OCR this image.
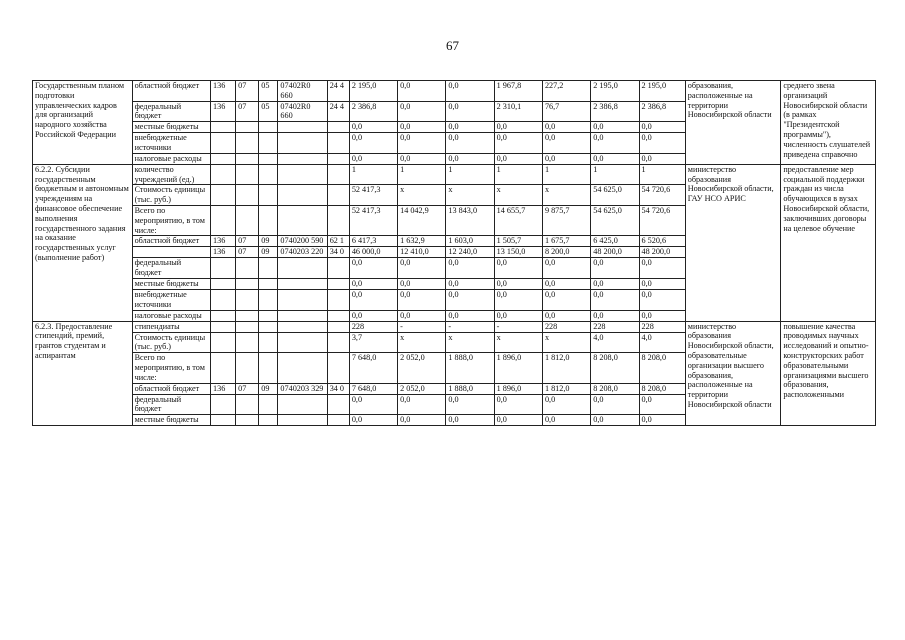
67
Государственным планом подготовки управленческих кадров для организаций народного хозяйства Российской Федерации	областной бюджет	136	07	05	07402R0 660	24 4	2 195,0	0,0	0,0	1 967,8	227,2	2 195,0	2 195,0	образования, расположенные на территории Новосибирской области	среднего звена организаций Новосибирской области (в рамках "Президентской программы"), численность слушателей приведена справочно
	федеральный бюджет	136	07	05	07402R0 660	24 4	2 386,8	0,0	0,0	2 310,1	76,7	2 386,8	2 386,8		
	местные бюджеты						0,0	0,0	0,0	0,0	0,0	0,0	0,0		
	внебюджетные источники						0,0	0,0	0,0	0,0	0,0	0,0	0,0		
	налоговые расходы						0,0	0,0	0,0	0,0	0,0	0,0	0,0		
6.2.2. Субсидии государственным бюджетным и автономным учреждениям на финансовое обеспечение выполнения государственного задания на оказание государственных услуг (выполнение работ)	количество учреждений (ед.)						1	1	1	1	1	1	1	министерство образования Новосибирской области, ГАУ НСО АРИС	предоставление мер социальной поддержки граждан из числа обучающихся в вузах Новосибирской области, заключивших договоры на целевое обучение
	Стоимость единицы (тыс. руб.)						52 417,3	х	х	х	х	54 625,0	54 720,6		
	Всего по мероприятию, в том числе:						52 417,3	14 042,9	13 843,0	14 655,7	9 875,7	54 625,0	54 720,6		
	областной бюджет	136	07	09	0740200 590	62 1	6 417,3	1 632,9	1 603,0	1 505,7	1 675,7	6 425,0	6 520,6		
		136	07	09	0740203 220	34 0	46 000,0	12 410,0	12 240,0	13 150,0	8 200,0	48 200,0	48 200,0		
	федеральный бюджет						0,0	0,0	0,0	0,0	0,0	0,0	0,0		
	местные бюджеты						0,0	0,0	0,0	0,0	0,0	0,0	0,0		
	внебюджетные источники						0,0	0,0	0,0	0,0	0,0	0,0	0,0		
	налоговые расходы						0,0	0,0	0,0	0,0	0,0	0,0	0,0		
6.2.3. Предоставление стипендий, премий, грантов студентам и аспирантам	стипендиаты						228	-	-	-	228	228	228	министерство образования Новосибирской области, образовательные организации высшего образования, расположенные на территории Новосибирской области	повышение качества проводимых научных исследований и опытно-конструкторских работ образовательными организациями высшего образования, расположенными
	Стоимость единицы (тыс. руб.)						3,7	х	х	х	х	4,0	4,0		
	Всего по мероприятию, в том числе:						7 648,0	2 052,0	1 888,0	1 896,0	1 812,0	8 208,0	8 208,0		
	областной бюджет	136	07	09	0740203 329	34 0	7 648,0	2 052,0	1 888,0	1 896,0	1 812,0	8 208,0	8 208,0		
	федеральный бюджет						0,0	0,0	0,0	0,0	0,0	0,0	0,0		
	местные бюджеты						0,0	0,0	0,0	0,0	0,0	0,0	0,0		
